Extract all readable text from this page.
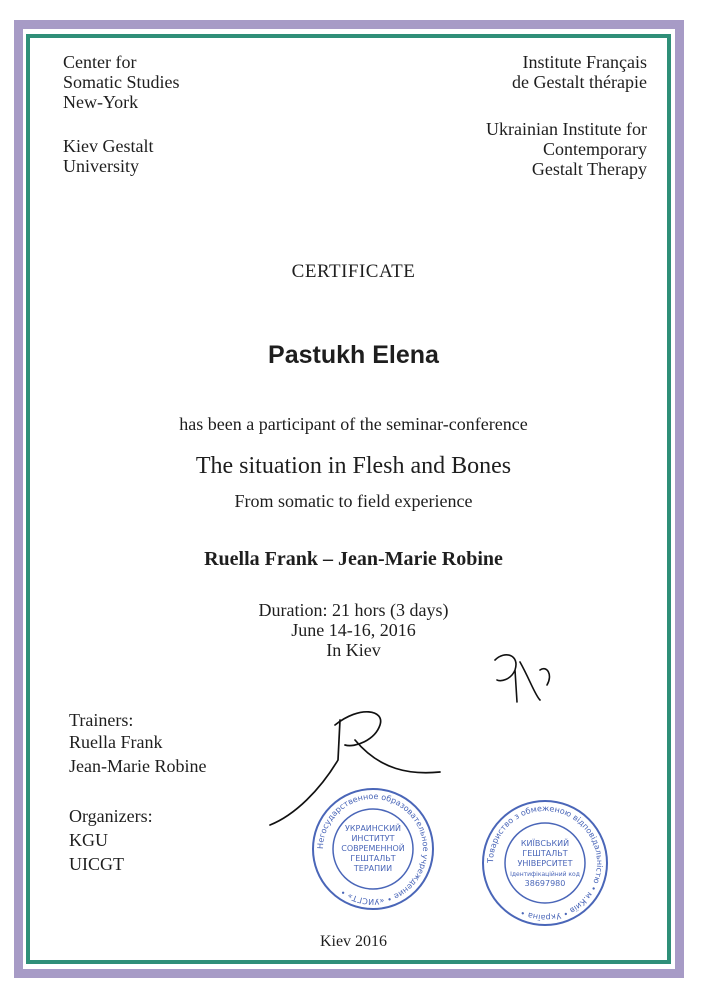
Center for
Somatic Studies
New-York
Kiev Gestalt
University
Institute Français
de Gestalt thérapie
Ukrainian Institute for
Contemporary
Gestalt Therapy
CERTIFICATE
Pastukh Elena
has been a participant of the seminar-conference
The situation in Flesh and Bones
From somatic to field experience
Ruella Frank – Jean-Marie Robine
Duration: 21 hors (3 days)
June 14-16, 2016
In Kiev
Trainers:
Ruella Frank
Jean-Marie Robine
Organizers:
KGU
UICGT
Kiev 2016
Негосударственное образовательное учреждение • «УИСГТ» •
УКРАИНСКИЙ
ИНСТИТУТ
СОВРЕМЕННОЙ
ГЕШТАЛЬТ
ТЕРАПИИ
Товариство з обмеженою відповідальністю • м.Київ • Україна •
КИЇВСЬКИЙ
ГЕШТАЛЬТ
УНІВЕРСИТЕТ
Ідентифікаційний код
38697980
